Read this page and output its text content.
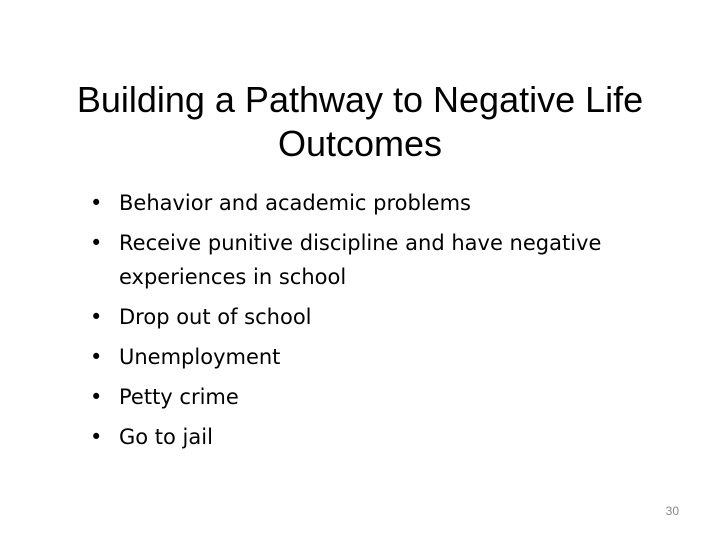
Building a Pathway to Negative Life Outcomes
• Behavior and academic problems
• Receive punitive discipline and have negative experiences in school
• Drop out of school
• Unemployment
• Petty crime
• Go to jail
30
